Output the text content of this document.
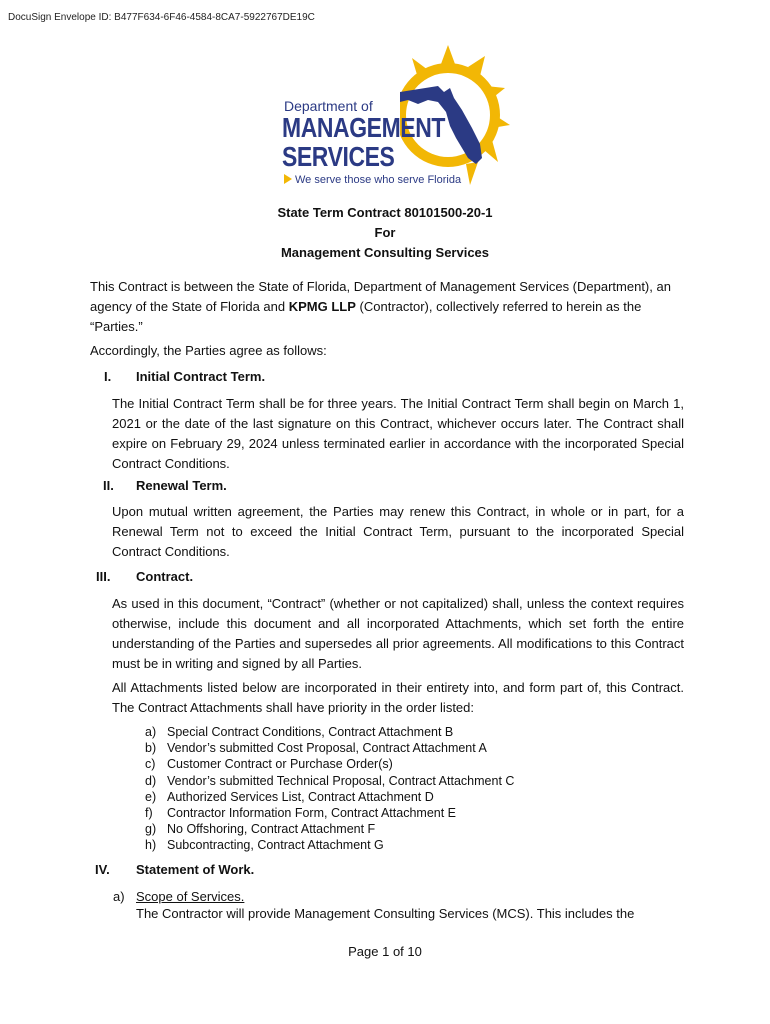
DocuSign Envelope ID: B477F634-6F46-4584-8CA7-5922767DE19C
Department of
MANAGEMENT
SERVICES
We serve those who serve Florida
State Term Contract 80101500-20-1
For
Management Consulting Services
This Contract is between the State of Florida, Department of Management Services (Department), an agency of the State of Florida and KPMG LLP (Contractor), collectively referred to herein as the “Parties.”
Accordingly, the Parties agree as follows:
I. Initial Contract Term.
The Initial Contract Term shall be for three years. The Initial Contract Term shall begin on March 1, 2021 or the date of the last signature on this Contract, whichever occurs later. The Contract shall expire on February 29, 2024 unless terminated earlier in accordance with the incorporated Special Contract Conditions.
II. Renewal Term.
Upon mutual written agreement, the Parties may renew this Contract, in whole or in part, for a Renewal Term not to exceed the Initial Contract Term, pursuant to the incorporated Special Contract Conditions.
III. Contract.
As used in this document, “Contract” (whether or not capitalized) shall, unless the context requires otherwise, include this document and all incorporated Attachments, which set forth the entire understanding of the Parties and supersedes all prior agreements. All modifications to this Contract must be in writing and signed by all Parties.
All Attachments listed below are incorporated in their entirety into, and form part of, this Contract. The Contract Attachments shall have priority in the order listed:
a) Special Contract Conditions, Contract Attachment B
b) Vendor’s submitted Cost Proposal, Contract Attachment A
c) Customer Contract or Purchase Order(s)
d) Vendor’s submitted Technical Proposal, Contract Attachment C
e) Authorized Services List, Contract Attachment D
f) Contractor Information Form, Contract Attachment E
g) No Offshoring, Contract Attachment F
h) Subcontracting, Contract Attachment G
IV. Statement of Work.
a) Scope of Services.
The Contractor will provide Management Consulting Services (MCS). This includes the
Page 1 of 10
